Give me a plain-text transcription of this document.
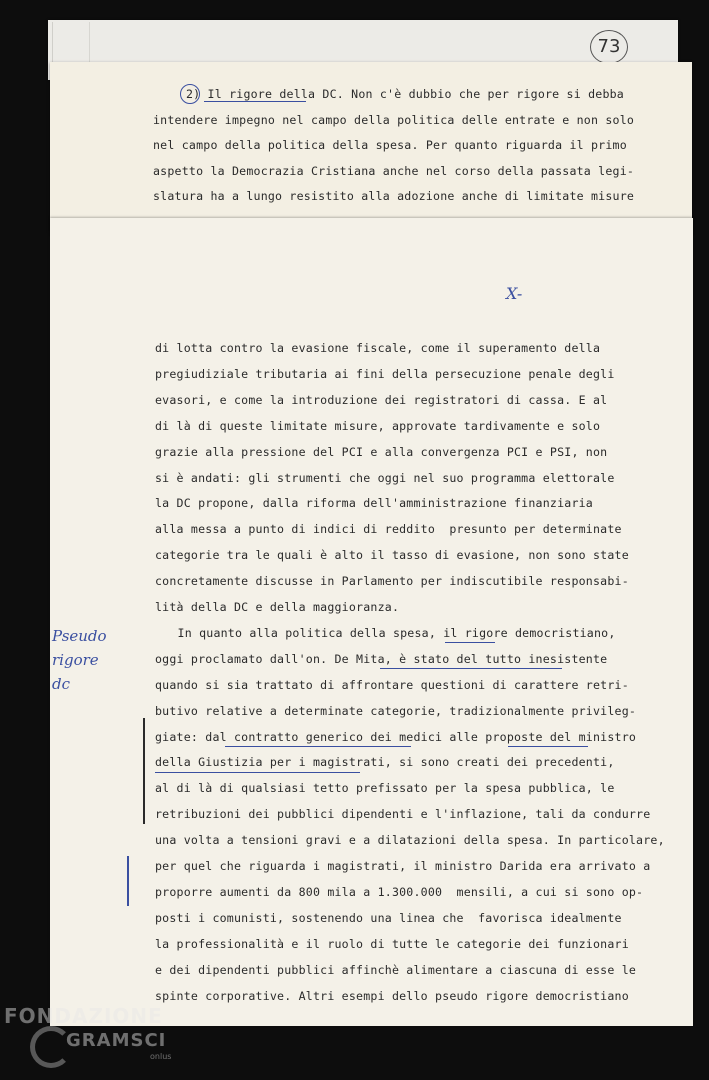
73
2) Il rigore della DC. Non c'è dubbio che per rigore si debba
intendere impegno nel campo della politica delle entrate e non solo
nel campo della politica della spesa. Per quanto riguarda il primo
aspetto la Democrazia Cristiana anche nel corso della passata legi-
slatura ha a lungo resistito alla adozione anche di limitate misure
X-
di lotta contro la evasione fiscale, come il superamento della
pregiudiziale tributaria ai fini della persecuzione penale degli
evasori, e come la introduzione dei registratori di cassa. E al
di là di queste limitate misure, approvate tardivamente e solo
grazie alla pressione del PCI e alla convergenza PCI e PSI, non
si è andati: gli strumenti che oggi nel suo programma elettorale
la DC propone, dalla riforma dell'amministrazione finanziaria
alla messa a punto di indici di reddito  presunto per determinate
categorie tra le quali è alto il tasso di evasione, non sono state
concretamente discusse in Parlamento per indiscutibile responsabi-
lità della DC e della maggioranza.
In quanto alla politica della spesa, il rigore democristiano,
oggi proclamato dall'on. De Mita, è stato del tutto inesistente
quando si sia trattato di affrontare questioni di carattere retri-
butivo relative a determinate categorie, tradizionalmente privileg-
giate: dal contratto generico dei medici alle proposte del ministro
della Giustizia per i magistrati, si sono creati dei precedenti,
al di là di qualsiasi tetto prefissato per la spesa pubblica, le
retribuzioni dei pubblici dipendenti e l'inflazione, tali da condurre
una volta a tensioni gravi e a dilatazioni della spesa. In particolare,
per quel che riguarda i magistrati, il ministro Darida era arrivato a
proporre aumenti da 800 mila a 1.300.000  mensili, a cui si sono op-
posti i comunisti, sostenendo una linea che  favorisca idealmente
la professionalità e il ruolo di tutte le categorie dei funzionari
e dei dipendenti pubblici affinchè alimentare a ciascuna di esse le
spinte corporative. Altri esempi dello pseudo rigore democristiano
Pseudo
rigore
dc
FONDAZIONE
GRAMSCI
onlus
